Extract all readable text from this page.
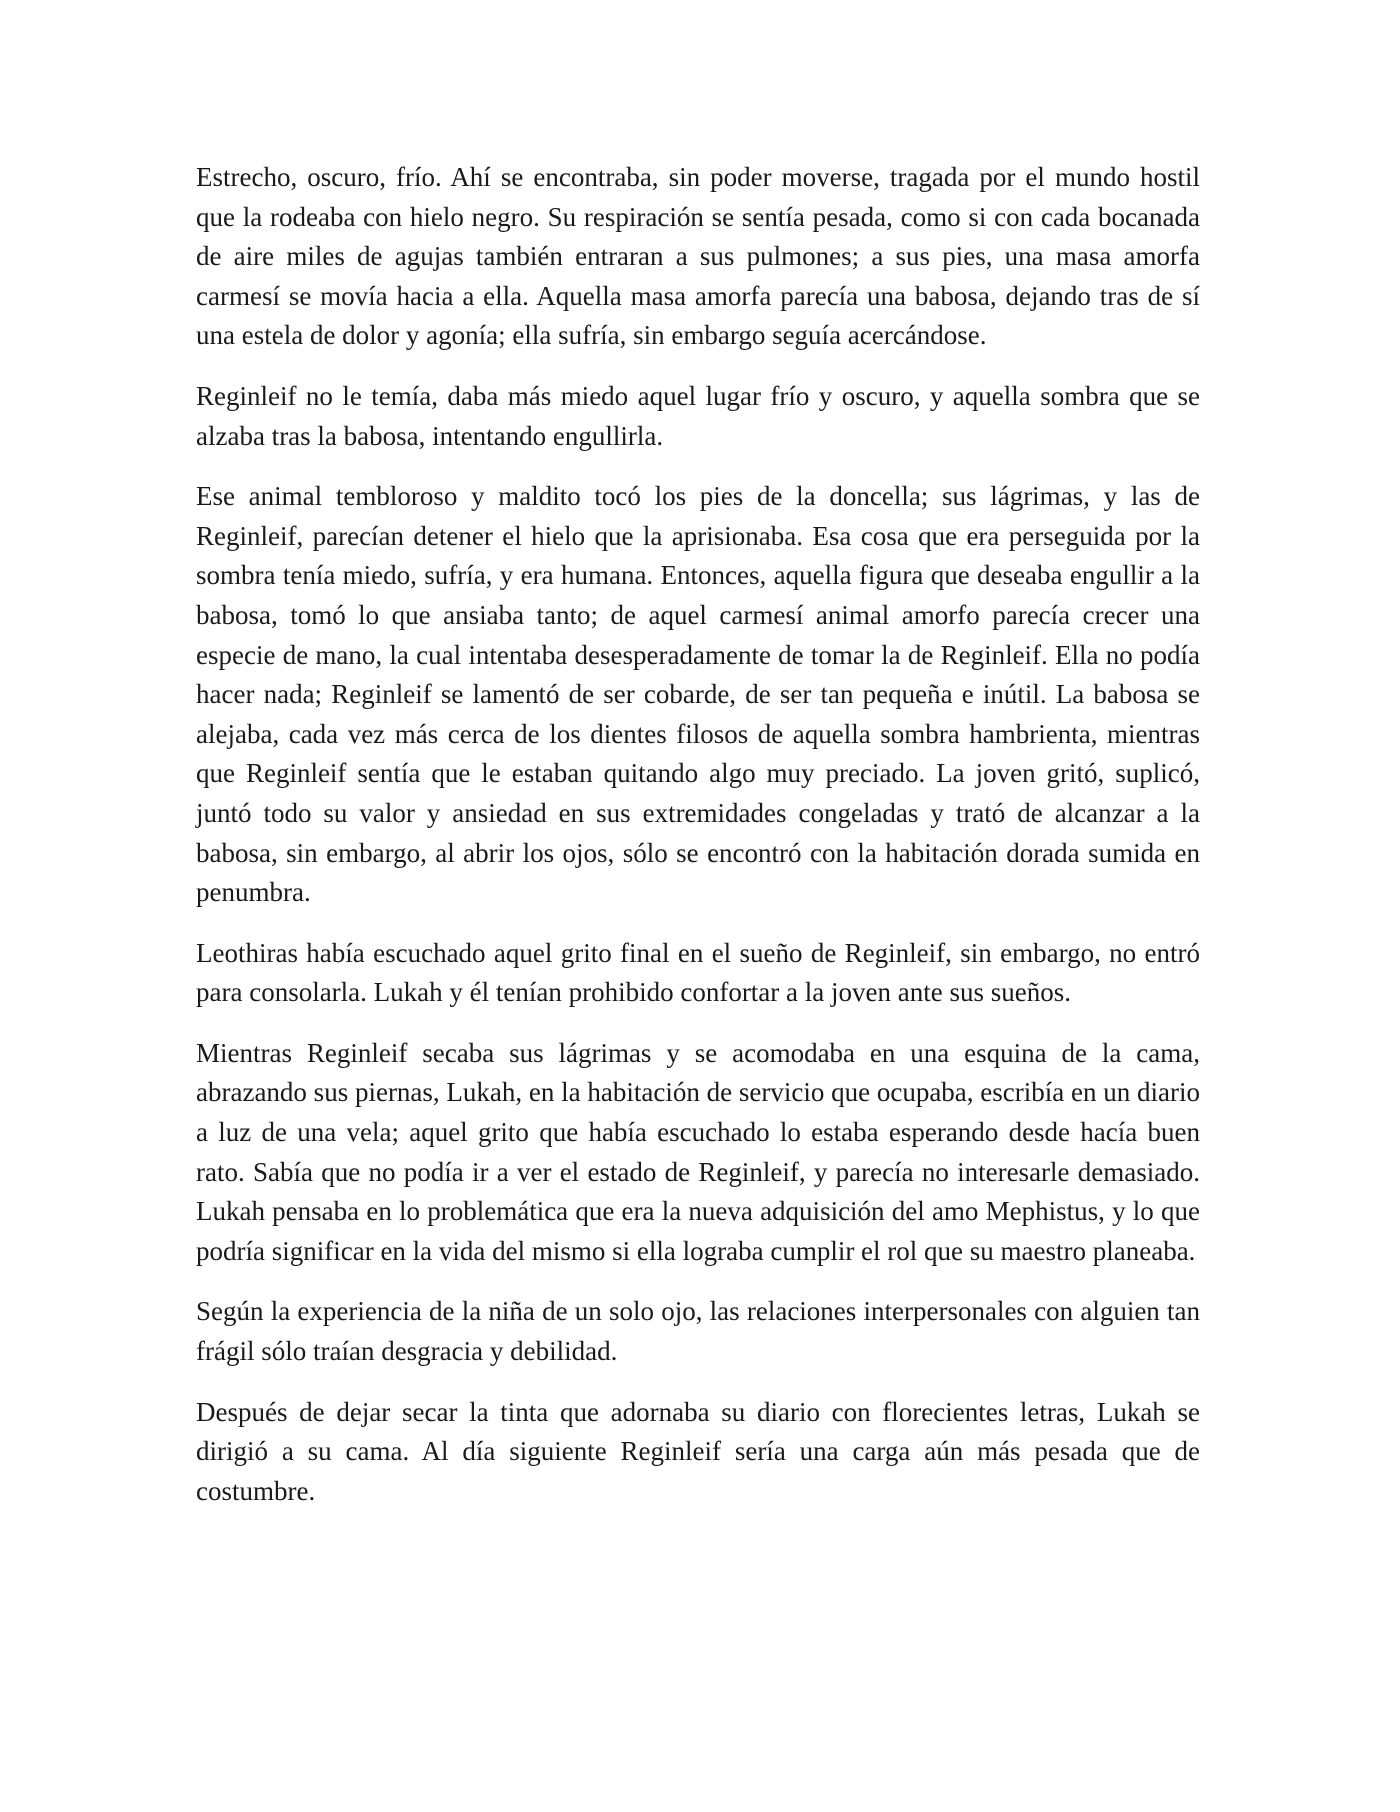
Estrecho, oscuro, frío. Ahí se encontraba, sin poder moverse, tragada por el mundo hostil que la rodeaba con hielo negro. Su respiración se sentía pesada, como si con cada bocanada de aire miles de agujas también entraran a sus pulmones; a sus pies, una masa amorfa carmesí se movía hacia a ella. Aquella masa amorfa parecía una babosa, dejando tras de sí una estela de dolor y agonía; ella sufría, sin embargo seguía acercándose.

Reginleif no le temía, daba más miedo aquel lugar frío y oscuro, y aquella sombra que se alzaba tras la babosa, intentando engullirla.

Ese animal tembloroso y maldito tocó los pies de la doncella; sus lágrimas, y las de Reginleif, parecían detener el hielo que la aprisionaba. Esa cosa que era perseguida por la sombra tenía miedo, sufría, y era humana. Entonces, aquella figura que deseaba engullir a la babosa, tomó lo que ansiaba tanto; de aquel carmesí animal amorfo parecía crecer una especie de mano, la cual intentaba desesperadamente de tomar la de Reginleif. Ella no podía hacer nada; Reginleif se lamentó de ser cobarde, de ser tan pequeña e inútil. La babosa se alejaba, cada vez más cerca de los dientes filosos de aquella sombra hambrienta, mientras que Reginleif sentía que le estaban quitando algo muy preciado. La joven gritó, suplicó, juntó todo su valor y ansiedad en sus extremidades congeladas y trató de alcanzar a la babosa, sin embargo, al abrir los ojos, sólo se encontró con la habitación dorada sumida en penumbra.

Leothiras había escuchado aquel grito final en el sueño de Reginleif, sin embargo, no entró para consolarla. Lukah y él tenían prohibido confortar a la joven ante sus sueños.

Mientras Reginleif secaba sus lágrimas y se acomodaba en una esquina de la cama, abrazando sus piernas, Lukah, en la habitación de servicio que ocupaba, escribía en un diario a luz de una vela; aquel grito que había escuchado lo estaba esperando desde hacía buen rato. Sabía que no podía ir a ver el estado de Reginleif, y parecía no interesarle demasiado. Lukah pensaba en lo problemática que era la nueva adquisición del amo Mephistus, y lo que podría significar en la vida del mismo si ella lograba cumplir el rol que su maestro planeaba.

Según la experiencia de la niña de un solo ojo, las relaciones interpersonales con alguien tan frágil sólo traían desgracia y debilidad.

Después de dejar secar la tinta que adornaba su diario con florecientes letras, Lukah se dirigió a su cama. Al día siguiente Reginleif sería una carga aún más pesada que de costumbre.
